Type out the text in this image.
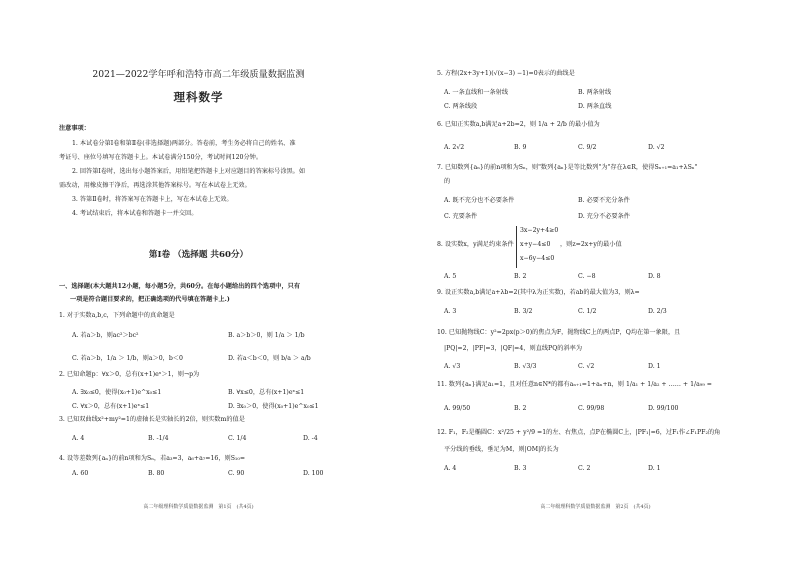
2021—2022学年呼和浩特市高二年级质量数据监测
理科数学
注意事项：
1. 本试卷分第Ⅰ卷和第Ⅱ卷(非选择题)两部分。答卷前，考生务必将自己的姓名、准
考证号、座位号填写在答题卡上。本试卷满分150分，考试时间120分钟。
2. 回答第Ⅰ卷时，选出每小题答案后，用铅笔把答题卡上对应题目的答案标号涂黑。如
需改动，用橡皮擦干净后，再选涂其他答案标号。写在本试卷上无效。
3. 答第Ⅱ卷时，将答案写在答题卡上，写在本试卷上无效。
4. 考试结束后，将本试卷和答题卡一并交回。
第Ⅰ卷 （选择题 共60分）
一、选择题(本大题共12小题，每小题5分，共60分。在每小题给出的四个选项中，只有
一项是符合题目要求的，把正确选项的代号填在答题卡上.)
1. 对于实数a,b,c，下列命题中的真命题是
A. 若a＞b，则ac²＞bc²	B. a＞b＞0，则 1/a ＞ 1/b
C. 若a＞b，1/a ＞ 1/b，则a＞0，b＜0	D. 若a＜b＜0，则 b/a ＞ a/b
2. 已知命题p：∀x＞0，总有(x+1)eˣ＞1，则¬p为
A. ∃x₀≤0，使得(x₀+1)e^x₀≤1	B. ∀x≤0，总有(x+1)eˣ≤1
C. ∀x＞0，总有(x+1)eˣ≤1	D. ∃x₀＞0，使得(x₀+1)e^x₀≤1
3. 已知双曲线x²+my²=1的虚轴长是实轴长的2倍，则实数m的值是
A. 4	B. -1/4	C. 1/4	D. -4
4. 设等差数列{aₙ}的前n项和为Sₙ，若a₃=3，a₆+a₇=16，则S₁₀=
A. 60	B. 80	C. 90	D. 100
高二年级理科数学质量数据监测　第1页　(共4页)
5. 方程(2x+3y+1)(√(x−3) −1)=0表示的曲线是
A. 一条直线和一条射线	B. 两条射线
C. 两条线段	D. 两条直线
6. 已知正实数a,b满足a+2b=2，则 1/a + 2/b 的最小值为
A. 2√2	B. 9	C. 9/2	D. √2
7. 已知数列{aₙ}的前n项和为Sₙ，则"数列{aₙ}是等比数列"为"存在λ∈R，使得Sₙ₊₁=a₁+λSₙ"
的
A. 既不充分也不必要条件	B. 必要不充分条件
C. 充要条件	D. 充分不必要条件
8. 设实数x，y满足约束条件
3x−2y+4≥0
x+y−4≤0
x−6y−4≤0
，则z=2x+y的最小值
A. 5	B. 2	C. −8	D. 8
9. 设正实数a,b满足a+λb=2(其中λ为正实数)，若ab的最大值为3，则λ=
A. 3	B. 3/2	C. 1/2	D. 2/3
10. 已知抛物线C：y²=2px(p＞0)的焦点为F，抛物线C上的两点P，Q均在第一象限，且
|PQ|=2，|PF|=3，|QF|=4，则直线PQ的斜率为
A. √3	B. √3/3	C. √2	D. 1
11. 数列{aₙ}满足a₁=1，且对任意n∈N*的都有aₙ₊₁=1+aₙ+n，则 1/a₁ + 1/a₂ + …… + 1/a₉₉ =
A. 99/50	B. 2	C. 99/98	D. 99/100
12. F₁，F₂是椭圆C：x²/25 + y²/9 =1的左、右焦点，点P在椭圆C上，|PF₁|=6，过F₁作∠F₁PF₂的角
平分线的垂线，垂足为M，则|OM|的长为
A. 4	B. 3	C. 2	D. 1
高二年级理科数学质量数据监测　第2页　(共4页)
